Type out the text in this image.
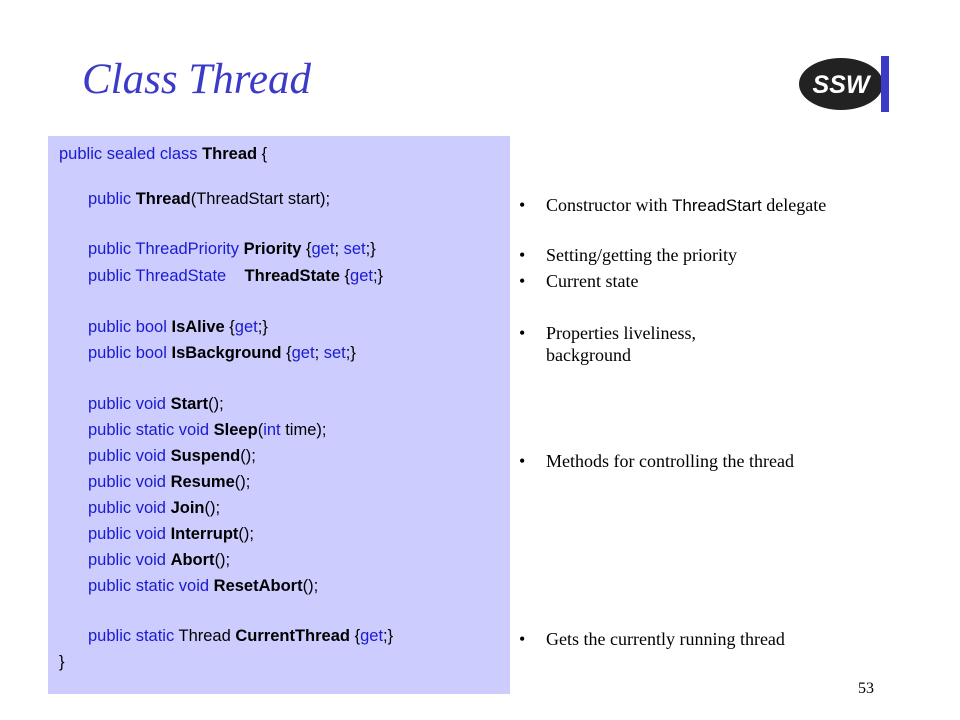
Class Thread	SSW
public sealed class Thread {
public Thread(ThreadStart start);
public ThreadPriority Priority {get; set;}
public ThreadState    ThreadState {get;}
public bool IsAlive {get;}
public bool IsBackground {get; set;}
public void Start();
public static void Sleep(int time);
public void Suspend();
public void Resume();
public void Join();
public void Interrupt();
public void Abort();
public static void ResetAbort();
public static Thread CurrentThread {get;}
}
• Constructor with ThreadStart delegate
• Setting/getting the priority
• Current state
• Properties liveliness,
background
• Methods for controlling the thread
• Gets the currently running thread
53
